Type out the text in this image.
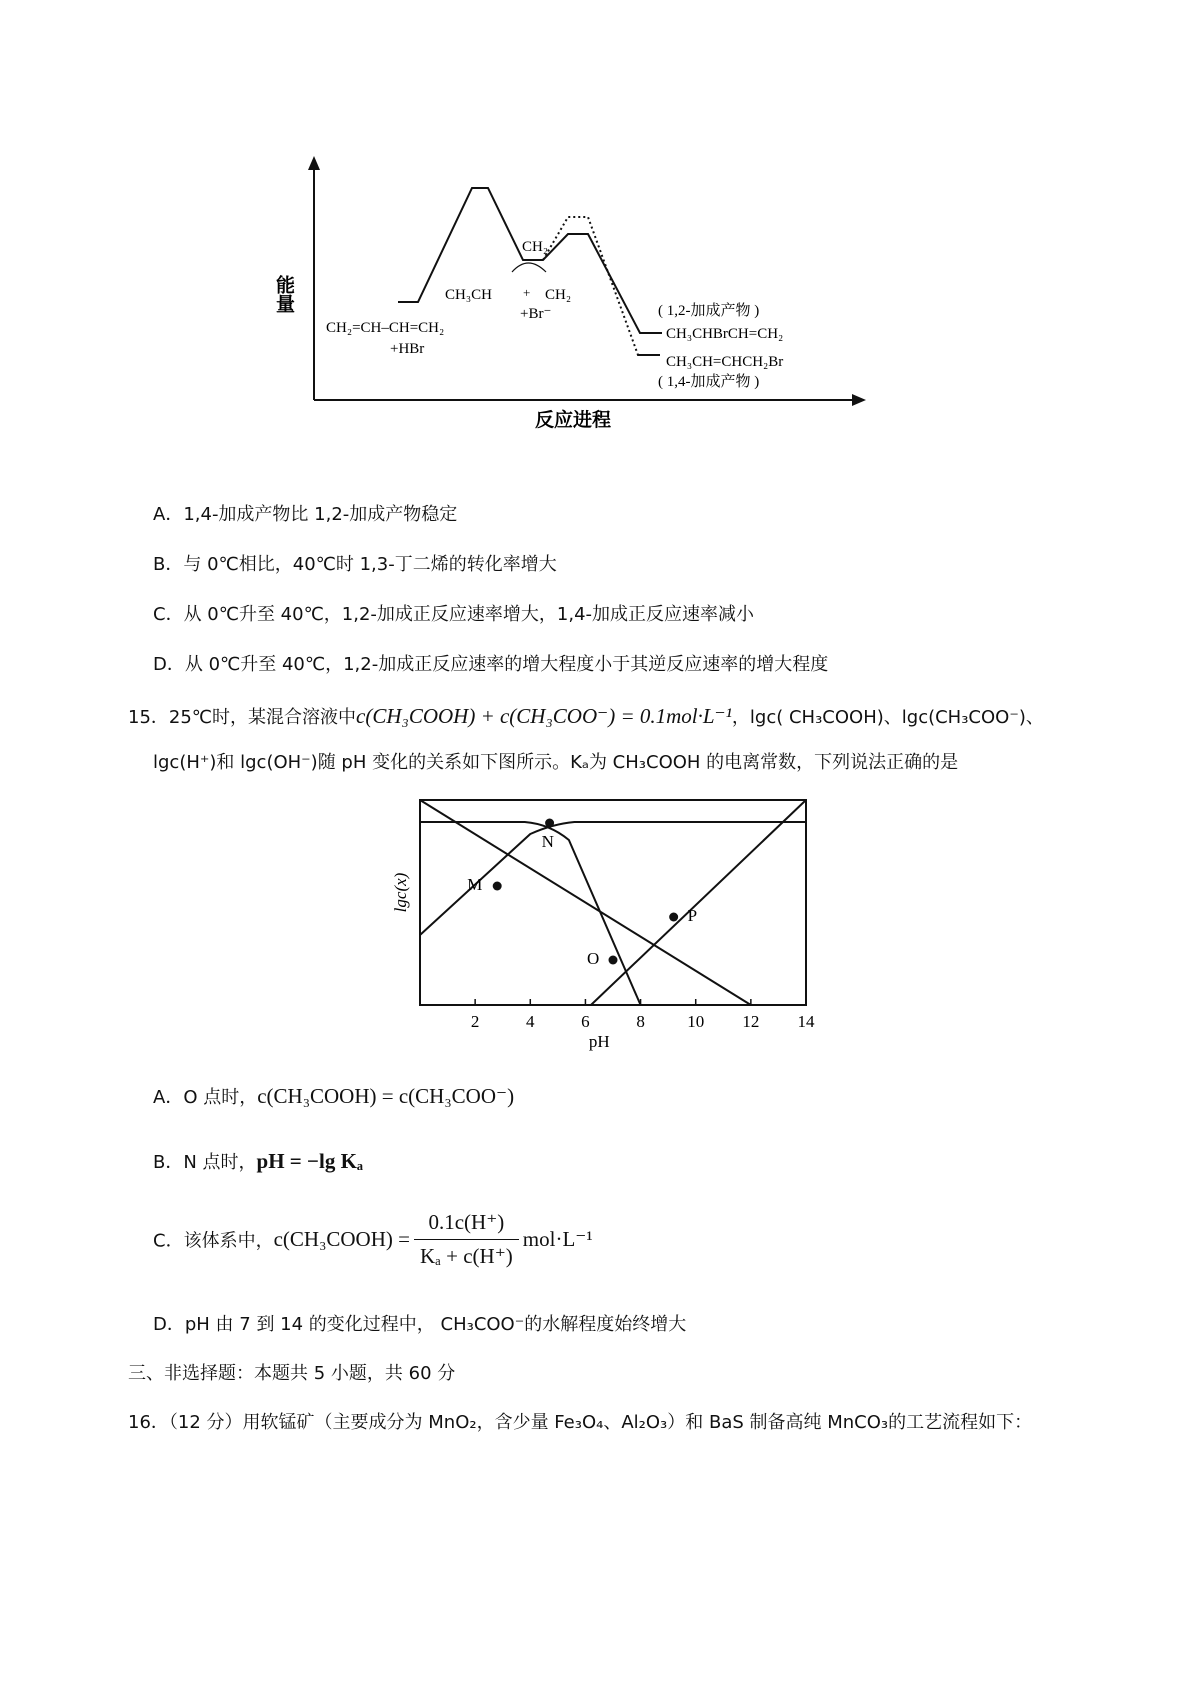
能量
反应进程
CH₂=CH–CH=CH₂
+HBr
CH₂
CH₃CH + CH₂
+Br⁻	( 1,2-加成产物 )
CH₃CHBrCH=CH₂
CH₃CH=CHCH₂Br
( 1,4-加成产物 )
A．1,4-加成产物比 1,2-加成产物稳定
B．与 0℃相比，40℃时 1,3-丁二烯的转化率增大
C．从 0℃升至 40℃，1,2-加成正反应速率增大，1,4-加成正反应速率减小
D．从 0℃升至 40℃，1,2-加成正反应速率的增大程度小于其逆反应速率的增大程度
15．25℃时，某混合溶液中c(CH₃COOH) + c(CH₃COO⁻) = 0.1mol·L⁻¹，lgc( CH₃COOH)、lgc(CH₃COO⁻)、
lgc(H⁺)和 lgc(OH⁻)随 pH 变化的关系如下图所示。Kₐ为 CH₃COOH 的电离常数，下列说法正确的是
2	4	6	8 10 12 14
pH
lgc(x)	M
N
O
P
A．O 点时，c(CH₃COOH) = c(CH₃COO⁻)
B．N 点时，pH = −lg Kₐ
C．该体系中，c(CH₃COOH) = $\frac{0.1c(H^+)}{\text{Kₐ + c(H⁺)}} mol\cdot L^{-1}$
D．pH 由 7 到 14 的变化过程中， CH₃COO⁻的水解程度始终增大
三、非选择题：本题共 5 小题，共 60 分
16．（12 分）用软锰矿（主要成分为 MnO₂，含少量 Fe₃O₄、Al₂O₃）和 BaS 制备高纯 MnCO₃的工艺流程如下：
